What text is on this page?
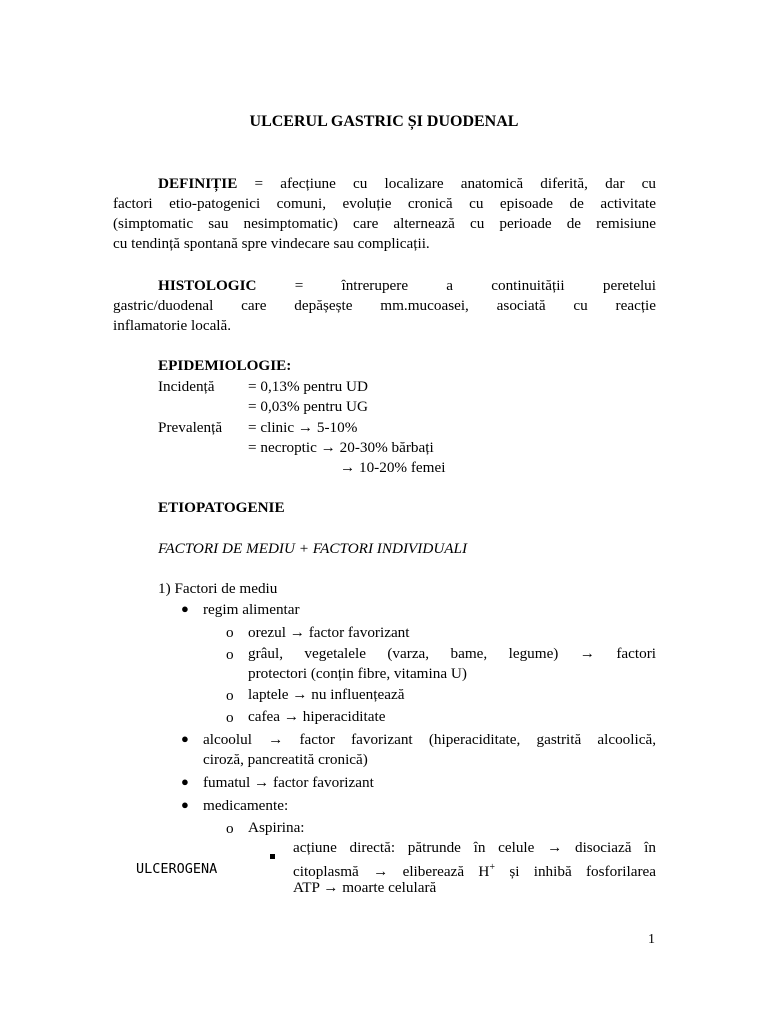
ULCERUL GASTRIC ȘI DUODENAL
DEFINIȚIE = afecțiune cu localizare anatomică diferită, dar cu
factori etio-patogenici comuni, evoluție cronică cu episoade de activitate
(simptomatic sau nesimptomatic) care alternează cu perioade de remisiune
cu tendință spontană spre vindecare sau complicații.
HISTOLOGIC = întrerupere a continuității peretelui
gastric/duodenal care depășește mm.mucoasei, asociată cu reacție
inflamatorie locală.
EPIDEMIOLOGIE:
Incidență = 0,13% pentru UD
= 0,03% pentru UG
Prevalență = clinic → 5-10%
= necroptic → 20-30% bărbați
→ 10-20% femei
ETIOPATOGENIE
FACTORI DE MEDIU + FACTORI INDIVIDUALI
1) Factori de mediu
● regim alimentar
o orezul → factor favorizant
o grâul, vegetalele (varza, bame, legume) → factori
protectori (conțin fibre, vitamina U)
o laptele → nu influențează
o cafea → hiperaciditate
● alcoolul → factor favorizant (hiperaciditate, gastrită alcoolică,
ciroză, pancreatită cronică)
● fumatul → factor favorizant
● medicamente:
o Aspirina:
acțiune directă: pătrunde în celule → disociază în
citoplasmă → eliberează H+ și inhibă fosforilarea
ATP → moarte celulară
ULCEROGENA
1
